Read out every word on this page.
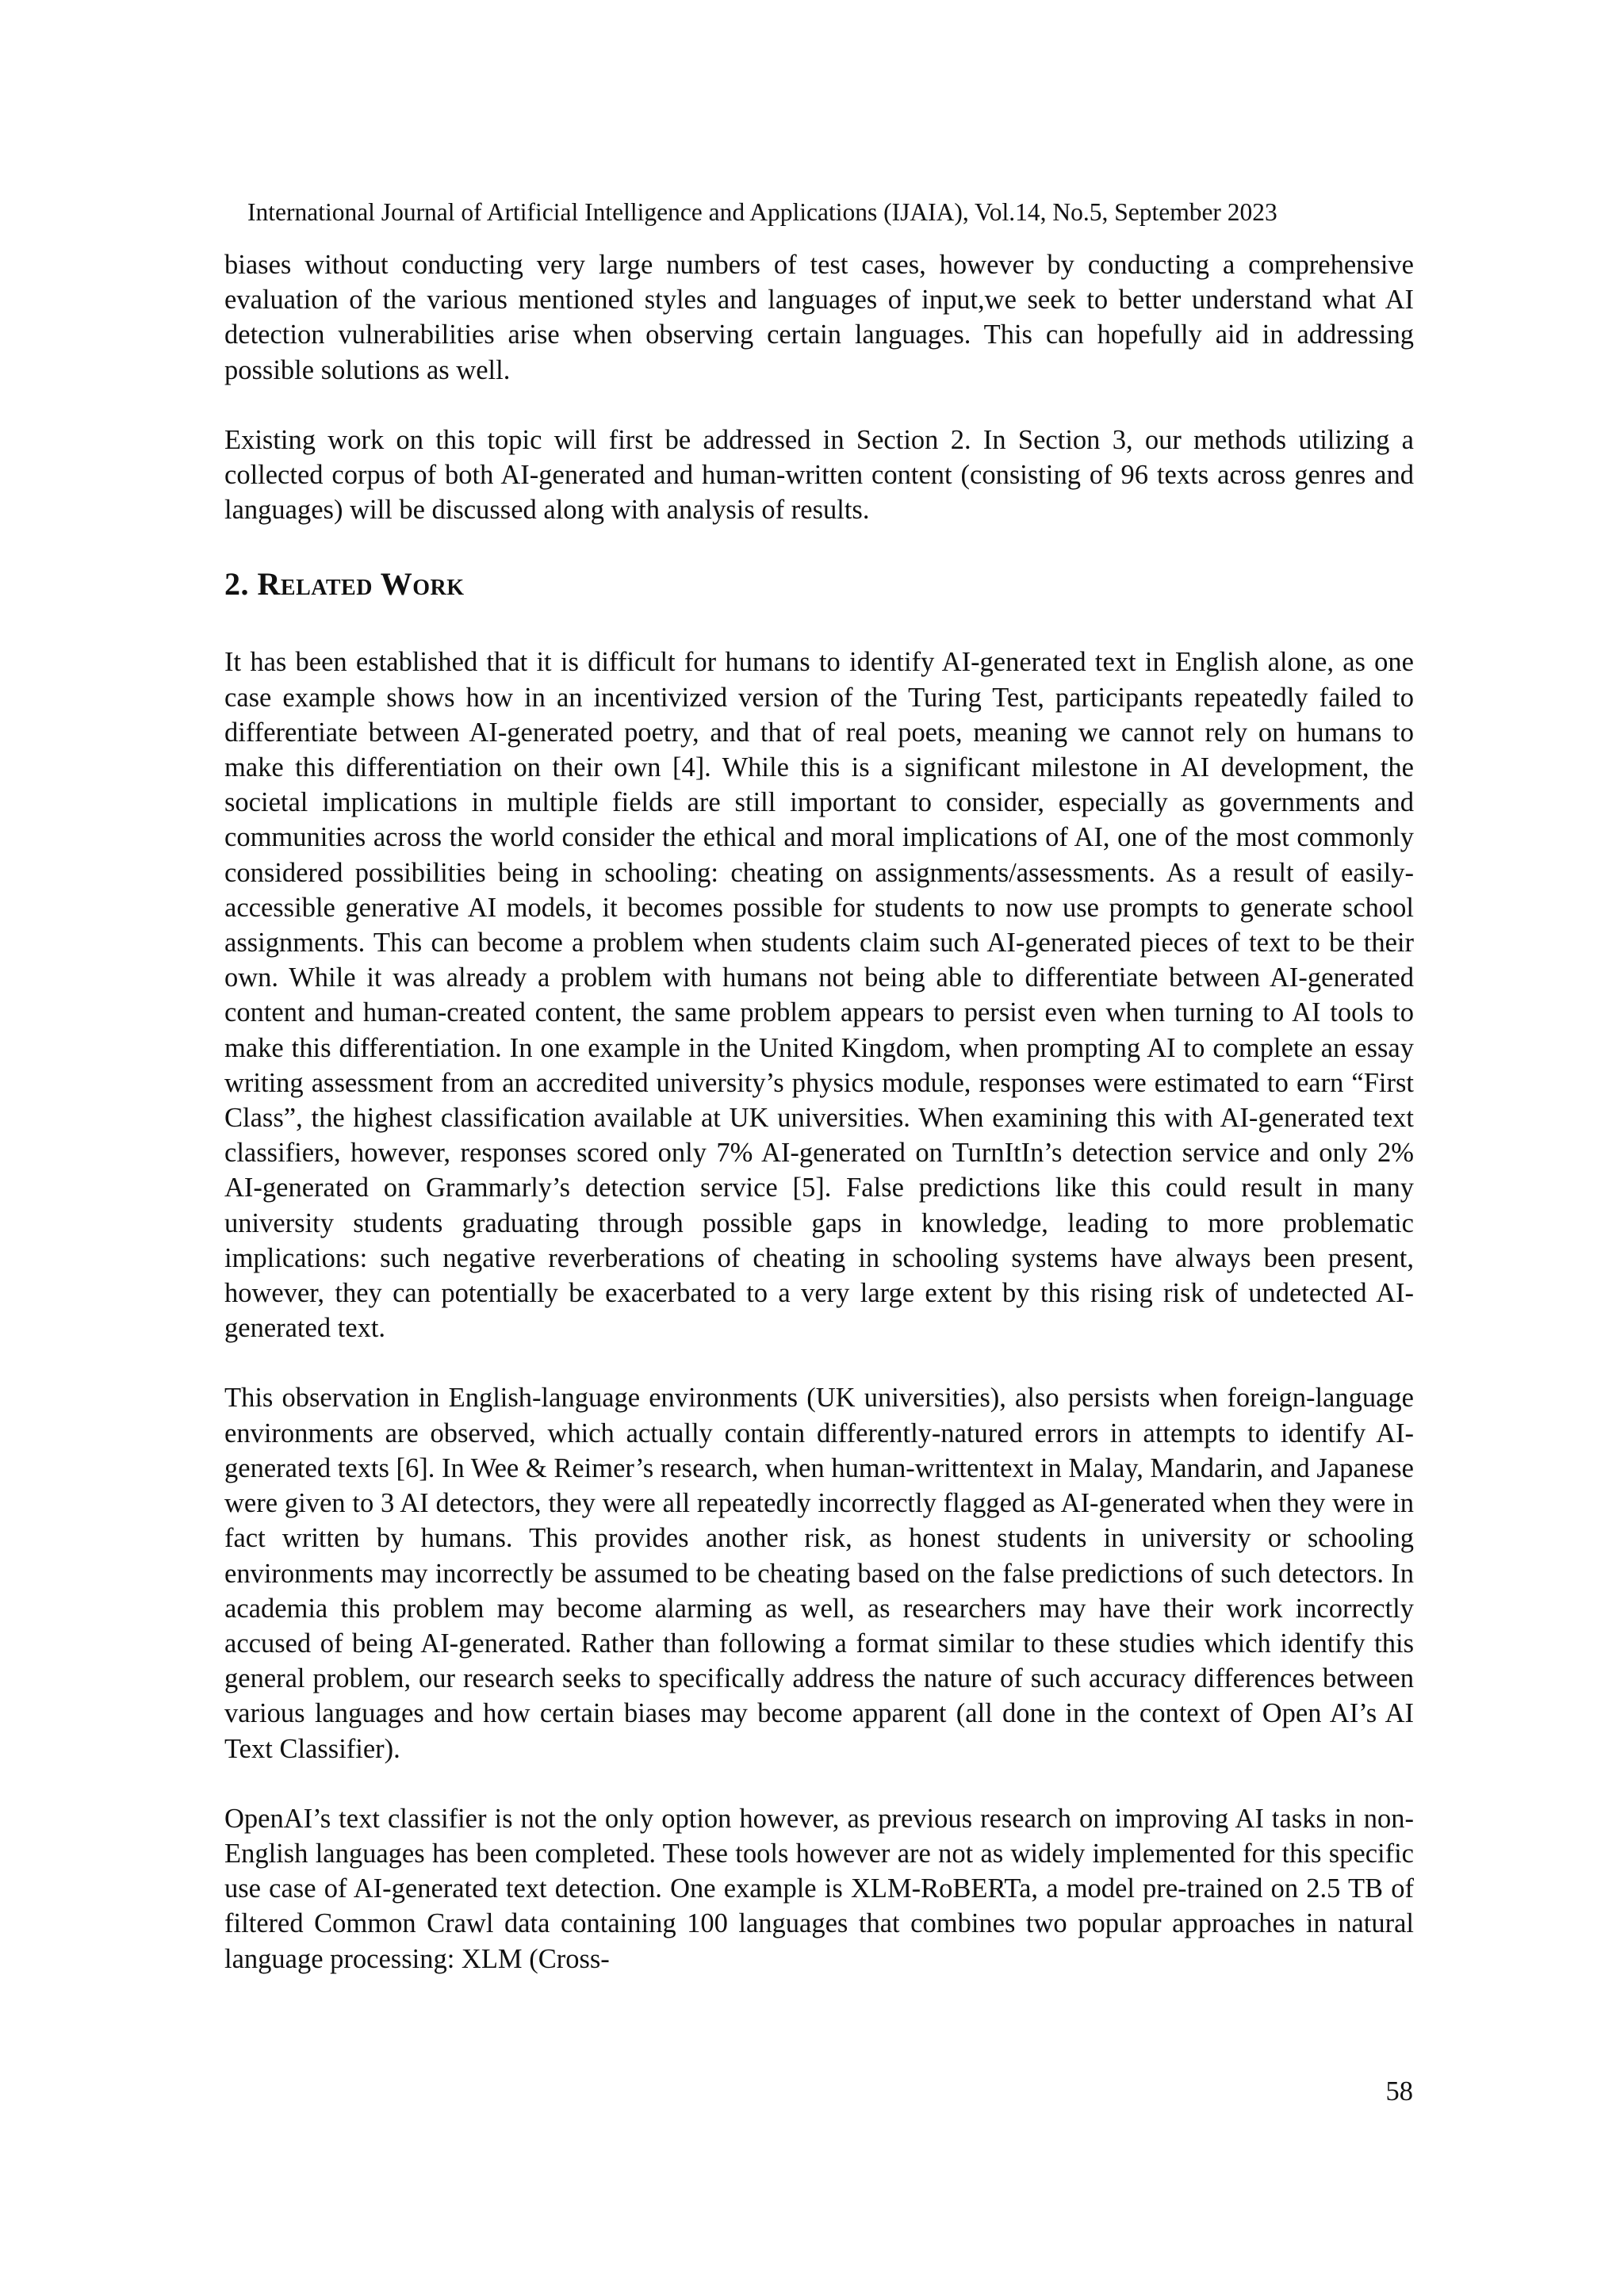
International Journal of Artificial Intelligence and Applications (IJAIA), Vol.14, No.5, September 2023

biases without conducting very large numbers of test cases, however by conducting a comprehensive evaluation of the various mentioned styles and languages of input,we seek to better understand what AI detection vulnerabilities arise when observing certain languages. This can hopefully aid in addressing possible solutions as well.

Existing work on this topic will first be addressed in Section 2. In Section 3, our methods utilizing a collected corpus of both AI-generated and human-written content (consisting of 96 texts across genres and languages) will be discussed along with analysis of results.

2. Related Work

It has been established that it is difficult for humans to identify AI-generated text in English alone, as one case example shows how in an incentivized version of the Turing Test, participants repeatedly failed to differentiate between AI-generated poetry, and that of real poets, meaning we cannot rely on humans to make this differentiation on their own [4]. While this is a significant milestone in AI development, the societal implications in multiple fields are still important to consider, especially as governments and communities across the world consider the ethical and moral implications of AI, one of the most commonly considered possibilities being in schooling: cheating on assignments/assessments. As a result of easily-accessible generative AI models, it becomes possible for students to now use prompts to generate school assignments. This can become a problem when students claim such AI-generated pieces of text to be their own. While it was already a problem with humans not being able to differentiate between AI-generated content and human-created content, the same problem appears to persist even when turning to AI tools to make this differentiation. In one example in the United Kingdom, when prompting AI to complete an essay writing assessment from an accredited university’s physics module, responses were estimated to earn “First Class”, the highest classification available at UK universities. When examining this with AI-generated text classifiers, however, responses scored only 7% AI-generated on TurnItIn’s detection service and only 2% AI-generated on Grammarly’s detection service [5]. False predictions like this could result in many university students graduating through possible gaps in knowledge, leading to more problematic implications: such negative reverberations of cheating in schooling systems have always been present, however, they can potentially be exacerbated to a very large extent by this rising risk of undetected AI-generated text.

This observation in English-language environments (UK universities), also persists when foreign-language environments are observed, which actually contain differently-natured errors in attempts to identify AI-generated texts [6]. In Wee & Reimer’s research, when human-writtentext in Malay, Mandarin, and Japanese were given to 3 AI detectors, they were all repeatedly incorrectly flagged as AI-generated when they were in fact written by humans. This provides another risk, as honest students in university or schooling environments may incorrectly be assumed to be cheating based on the false predictions of such detectors. In academia this problem may become alarming as well, as researchers may have their work incorrectly accused of being AI-generated. Rather than following a format similar to these studies which identify this general problem, our research seeks to specifically address the nature of such accuracy differences between various languages and how certain biases may become apparent (all done in the context of Open AI’s AI Text Classifier).

OpenAI’s text classifier is not the only option however, as previous research on improving AI tasks in non-English languages has been completed. These tools however are not as widely implemented for this specific use case of AI-generated text detection. One example is XLM-RoBERTa, a model pre-trained on 2.5 TB of filtered Common Crawl data containing 100 languages that combines two popular approaches in natural language processing: XLM (Cross-

58
